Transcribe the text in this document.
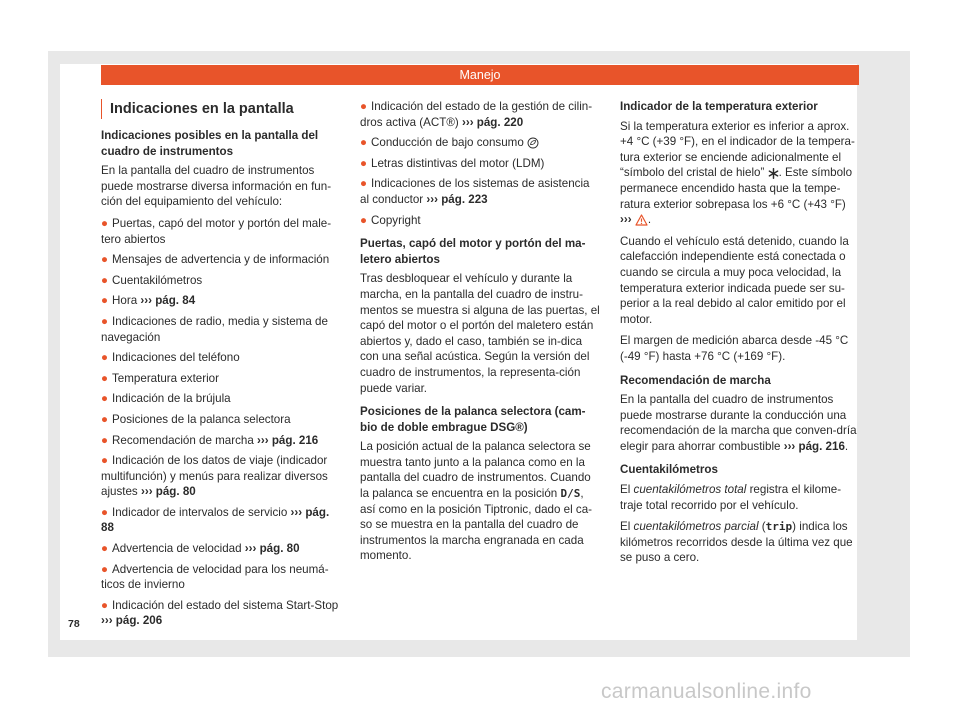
Manejo
Indicaciones en la pantalla
Indicaciones posibles en la pantalla del cuadro de instrumentos

En la pantalla del cuadro de instrumentos puede mostrarse diversa información en fun-ción del equipamiento del vehículo:

● Puertas, capó del motor y portón del male-tero abiertos
● Mensajes de advertencia y de información
● Cuentakilómetros
● Hora ››› pág. 84
● Indicaciones de radio, media y sistema de navegación
● Indicaciones del teléfono
● Temperatura exterior
● Indicación de la brújula
● Posiciones de la palanca selectora
● Recomendación de marcha ››› pág. 216
● Indicación de los datos de viaje (indicador multifunción) y menús para realizar diversos ajustes ››› pág. 80
● Indicador de intervalos de servicio ››› pág. 88
● Advertencia de velocidad ››› pág. 80
● Advertencia de velocidad para los neumá-ticos de invierno
● Indicación del estado del sistema Start-Stop ››› pág. 206
● Indicación del estado de la gestión de cilin-dros activa (ACT®) ››› pág. 220
● Conducción de bajo consumo
● Letras distintivas del motor (LDM)
● Indicaciones de los sistemas de asistencia al conductor ››› pág. 223
● Copyright
Puertas, capó del motor y portón del ma-letero abiertos

Tras desbloquear el vehículo y durante la marcha, en la pantalla del cuadro de instru-mentos se muestra si alguna de las puertas, el capó del motor o el portón del maletero están abiertos y, dado el caso, también se in-dica con una señal acústica. Según la versión del cuadro de instrumentos, la representa-ción puede variar.

Posiciones de la palanca selectora (cam-bio de doble embrague DSG®)

La posición actual de la palanca selectora se muestra tanto junto a la palanca como en la pantalla del cuadro de instrumentos. Cuando la palanca se encuentra en la posición D/S, así como en la posición Tiptronic, dado el ca-so se muestra en la pantalla del cuadro de instrumentos la marcha engranada en cada momento.

Indicador de la temperatura exterior

Si la temperatura exterior es inferior a aprox. +4 °C (+39 °F), en el indicador de la tempera-tura exterior se enciende adicionalmente el “símbolo del cristal de hielo” . Este símbolo permanece encendido hasta que la tempe-ratura exterior sobrepasa los +6 °C (+43 °F) ››› .

Cuando el vehículo está detenido, cuando la calefacción independiente está conectada o cuando se circula a muy poca velocidad, la temperatura exterior indicada puede ser su-perior a la real debido al calor emitido por el motor.

El margen de medición abarca desde -45 °C (-49 °F) hasta +76 °C (+169 °F).

Recomendación de marcha

En la pantalla del cuadro de instrumentos puede mostrarse durante la conducción una recomendación de la marcha que conven-dría elegir para ahorrar combustible ››› pág. 216.

Cuentakilómetros

El cuentakilómetros total registra el kilome-traje total recorrido por el vehículo.

El cuentakilómetros parcial (trip) indica los kilómetros recorridos desde la última vez que se puso a cero.

78
carmanualsonline.info
